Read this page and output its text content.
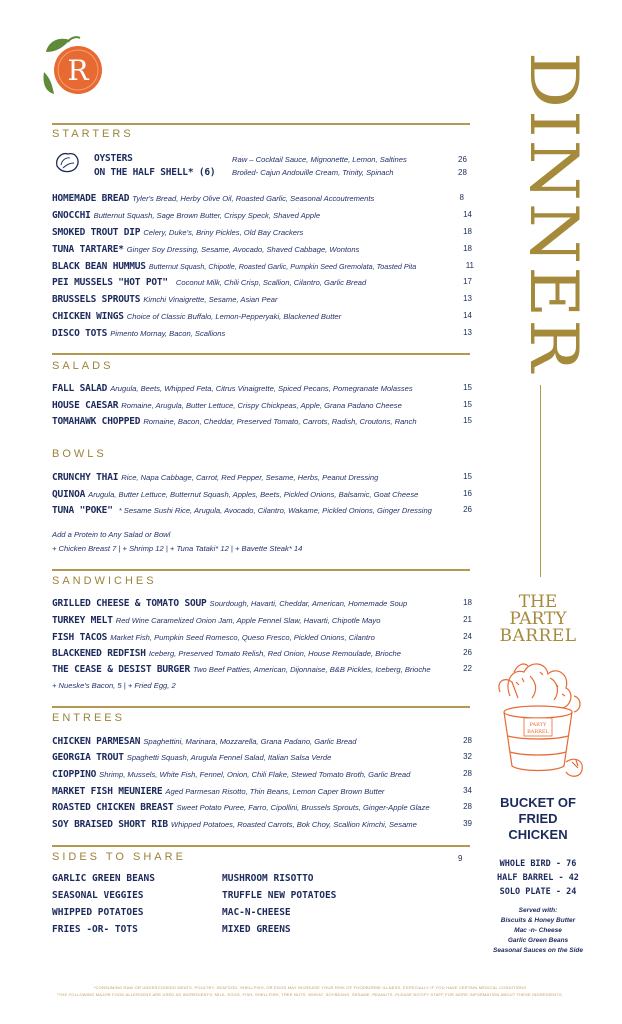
R	DINNER
STARTERS
OYSTERS
ON THE HALF SHELL* (6)
Raw – Cocktail Sauce, Mignonette, Lemon, Saltines	26
Broiled- Cajun Andouille Cream, Trinity, Spinach	28
HOMEMADE BREAD Tyler's Bread, Herby Olive Oil, Roasted Garlic, Seasonal Accoutrements	8
GNOCCHI Butternut Squash, Sage Brown Butter, Crispy Speck, Shaved Apple	14
SMOKED TROUT DIP Celery, Duke's, Briny Pickles, Old Bay Crackers	18
TUNA TARTARE* Ginger Soy Dressing, Sesame, Avocado, Shaved Cabbage, Wontons	18
BLACK BEAN HUMMUS Butternut Squash, Chipotle, Roasted Garlic, Pumpkin Seed Gremolata, Toasted Pita	11
PEI MUSSELS "HOT POT" Coconut Milk, Chili Crisp, Scallion, Cilantro, Garlic Bread	17
BRUSSELS SPROUTS Kimchi Vinaigrette, Sesame, Asian Pear	13
CHICKEN WINGS Choice of Classic Buffalo, Lemon-Pepperyaki, Blackened Butter	14
DISCO TOTS Pimento Mornay, Bacon, Scallions	13
SALADS
FALL SALAD Arugula, Beets, Whipped Feta, Citrus Vinaigrette, Spiced Pecans, Pomegranate Molasses	15
HOUSE CAESAR Romaine, Arugula, Butter Lettuce, Crispy Chickpeas, Apple, Grana Padano Cheese	15
TOMAHAWK CHOPPED Romaine, Bacon, Cheddar, Preserved Tomato, Carrots, Radish, Croutons, Ranch	15
BOWLS
CRUNCHY THAI Rice, Napa Cabbage, Carrot, Red Pepper, Sesame, Herbs, Peanut Dressing	15
QUINOA Arugula, Butter Lettuce, Butternut Squash, Apples, Beets, Pickled Onions, Balsamic, Goat Cheese	16
TUNA "POKE" * Sesame Sushi Rice, Arugula, Avocado, Cilantro, Wakame, Pickled Onions, Ginger Dressing	26
Add a Protein to Any Salad or Bowl
+ Chicken Breast 7 | + Shrimp 12 | + Tuna Tataki* 12 | + Bavette Steak* 14
SANDWICHES
GRILLED CHEESE & TOMATO SOUP Sourdough, Havarti, Cheddar, American, Homemade Soup	18
TURKEY MELT Red Wine Caramelized Onion Jam, Apple Fennel Slaw, Havarti, Chipotle Mayo	21
FISH TACOS Market Fish, Pumpkin Seed Romesco, Queso Fresco, Pickled Onions, Cilantro	24
BLACKENED REDFISH Iceberg, Preserved Tomato Relish, Red Onion, House Remoulade, Brioche	26
THE CEASE & DESIST BURGER Two Beef Patties, American, Dijonnaise, B&B Pickles, Iceberg, Brioche	22
+ Nueske's Bacon, 5 | + Fried Egg, 2
ENTREES
CHICKEN PARMESAN Spaghettini, Marinara, Mozzarella, Grana Padano, Garlic Bread	28
GEORGIA TROUT Spaghetti Squash, Arugula Fennel Salad, Italian Salsa Verde	32
CIOPPINO Shrimp, Mussels, White Fish, Fennel, Onion, Chili Flake, Stewed Tomato Broth, Garlic Bread	28
MARKET FISH MEUNIERE Aged Parmesan Risotto, Thin Beans, Lemon Caper Brown Butter	34
ROASTED CHICKEN BREAST Sweet Potato Puree, Farro, Cipollini, Brussels Sprouts, Ginger-Apple Glaze	28
SOY BRAISED SHORT RIB Whipped Potatoes, Roasted Carrots, Bok Choy, Scallion Kimchi, Sesame	39
SIDES TO SHARE	9
GARLIC GREEN BEANS
SEASONAL VEGGIES
WHIPPED POTATOES
FRIES -OR- TOTS
MUSHROOM RISOTTO
TRUFFLE NEW POTATOES
MAC-N-CHEESE
MIXED GREENS
THE
PARTY
BARREL
PARTY
BARREL
BUCKET OF FRIED CHICKEN
WHOLE BIRD - 76
HALF BARREL - 42
SOLO PLATE - 24
Served with:
Biscuits & Honey Butter
Mac -n- Cheese
Garlic Green Beans
Seasonal Sauces on the Side
*CONSUMING RAW OR UNDERCOOKED MEATS, POULTRY, SEAFOOD, SHELLFISH, OR EGGS MAY INCREASE YOUR RISK OF FOODBORNE ILLNESS, ESPECIALLY IF YOU HAVE CERTAIN MEDICAL CONDITIONS
*THE FOLLOWING MAJOR FOOD ALLERGENS ARE USED AS INGREDIENTS: MILK, EGGS, FISH, SHELLFISH, TREE NUTS, WHEAT, SOYBEANS, SESAME, PEANUTS. PLEASE NOTIFY STAFF FOR MORE INFORMATION ABOUT THESE INGREDIENTS.
